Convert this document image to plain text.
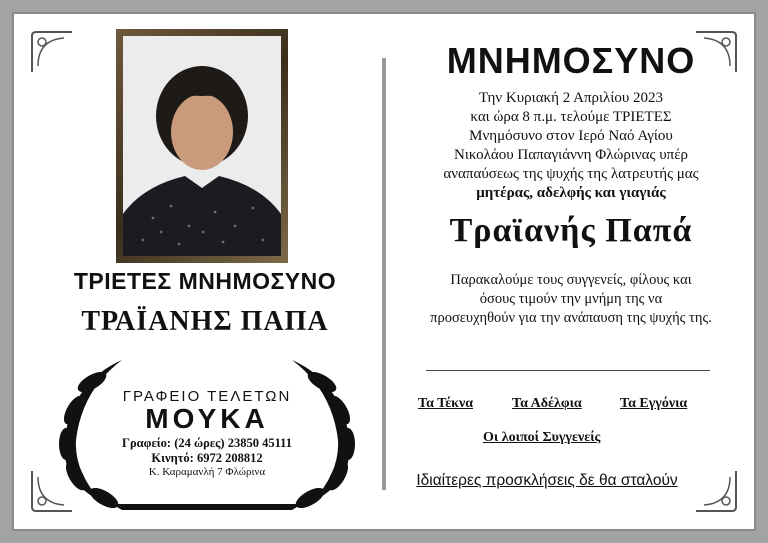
ΤΡΙΕΤΕΣ ΜΝΗΜΟΣΥΝΟ
ΤΡΑΪΑΝΗΣ ΠΑΠΑ
ΓΡΑΦΕΙΟ ΤΕΛΕΤΩΝ
ΜΟΥΚΑ
Γραφείο: (24 ώρες) 23850 45111
Κινητό: 6972 208812
Κ. Καραμανλή 7 Φλώρινα
ΜΝΗΜΟΣΥΝΟ
Την Κυριακή 2 Απριλίου 2023
και ώρα 8 π.μ. τελούμε ΤΡΙΕΤΕΣ
Μνημόσυνο στον Ιερό Ναό Αγίου
Νικολάου Παπαγιάννη Φλώρινας υπέρ
αναπαύσεως της ψυχής της λατρευτής μας
μητέρας, αδελφής και γιαγιάς
Τραϊανής Παπά
Παρακαλούμε τους συγγενείς, φίλους και
όσους τιμούν την μνήμη της να
προσευχηθούν για την ανάπαυση της ψυχής της.
Τα Τέκνα	Τα Αδέλφια	Τα Εγγόνια
Οι λοιποί Συγγενείς
Ιδιαίτερες προσκλήσεις δε θα σταλούν
